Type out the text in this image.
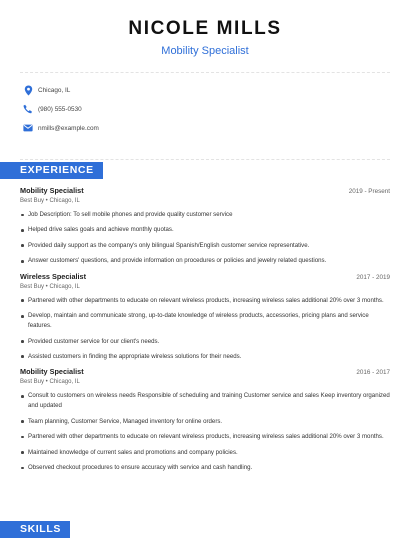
NICOLE MILLS
Mobility Specialist
Chicago, IL
(980) 555-0530
nmills@example.com
EXPERIENCE
Mobility Specialist	2019 - Present
Best Buy • Chicago, IL
Job Description: To sell mobile phones and provide quality customer service
Helped drive sales goals and achieve monthly quotas.
Provided daily support as the company's only bilingual Spanish/English customer service representative.
Answer customers' questions, and provide information on procedures or policies and jewelry related questions.
Wireless Specialist	2017 - 2019
Best Buy • Chicago, IL
Partnered with other departments to educate on relevant wireless products, increasing wireless sales additional 20% over 3 months.
Develop, maintain and communicate strong, up-to-date knowledge of wireless products, accessories, pricing plans and service features.
Provided customer service for our client's needs.
Assisted customers in finding the appropriate wireless solutions for their needs.
Mobility Specialist	2016 - 2017
Best Buy • Chicago, IL
Consult to customers on wireless needs Responsible of scheduling and training Customer service and sales Keep inventory organized and updated
Team planning, Customer Service, Managed inventory for online orders.
Partnered with other departments to educate on relevant wireless products, increasing wireless sales additional 20% over 3 months.
Maintained knowledge of current sales and promotions and company policies.
Observed checkout procedures to ensure accuracy with service and cash handling.
SKILLS
